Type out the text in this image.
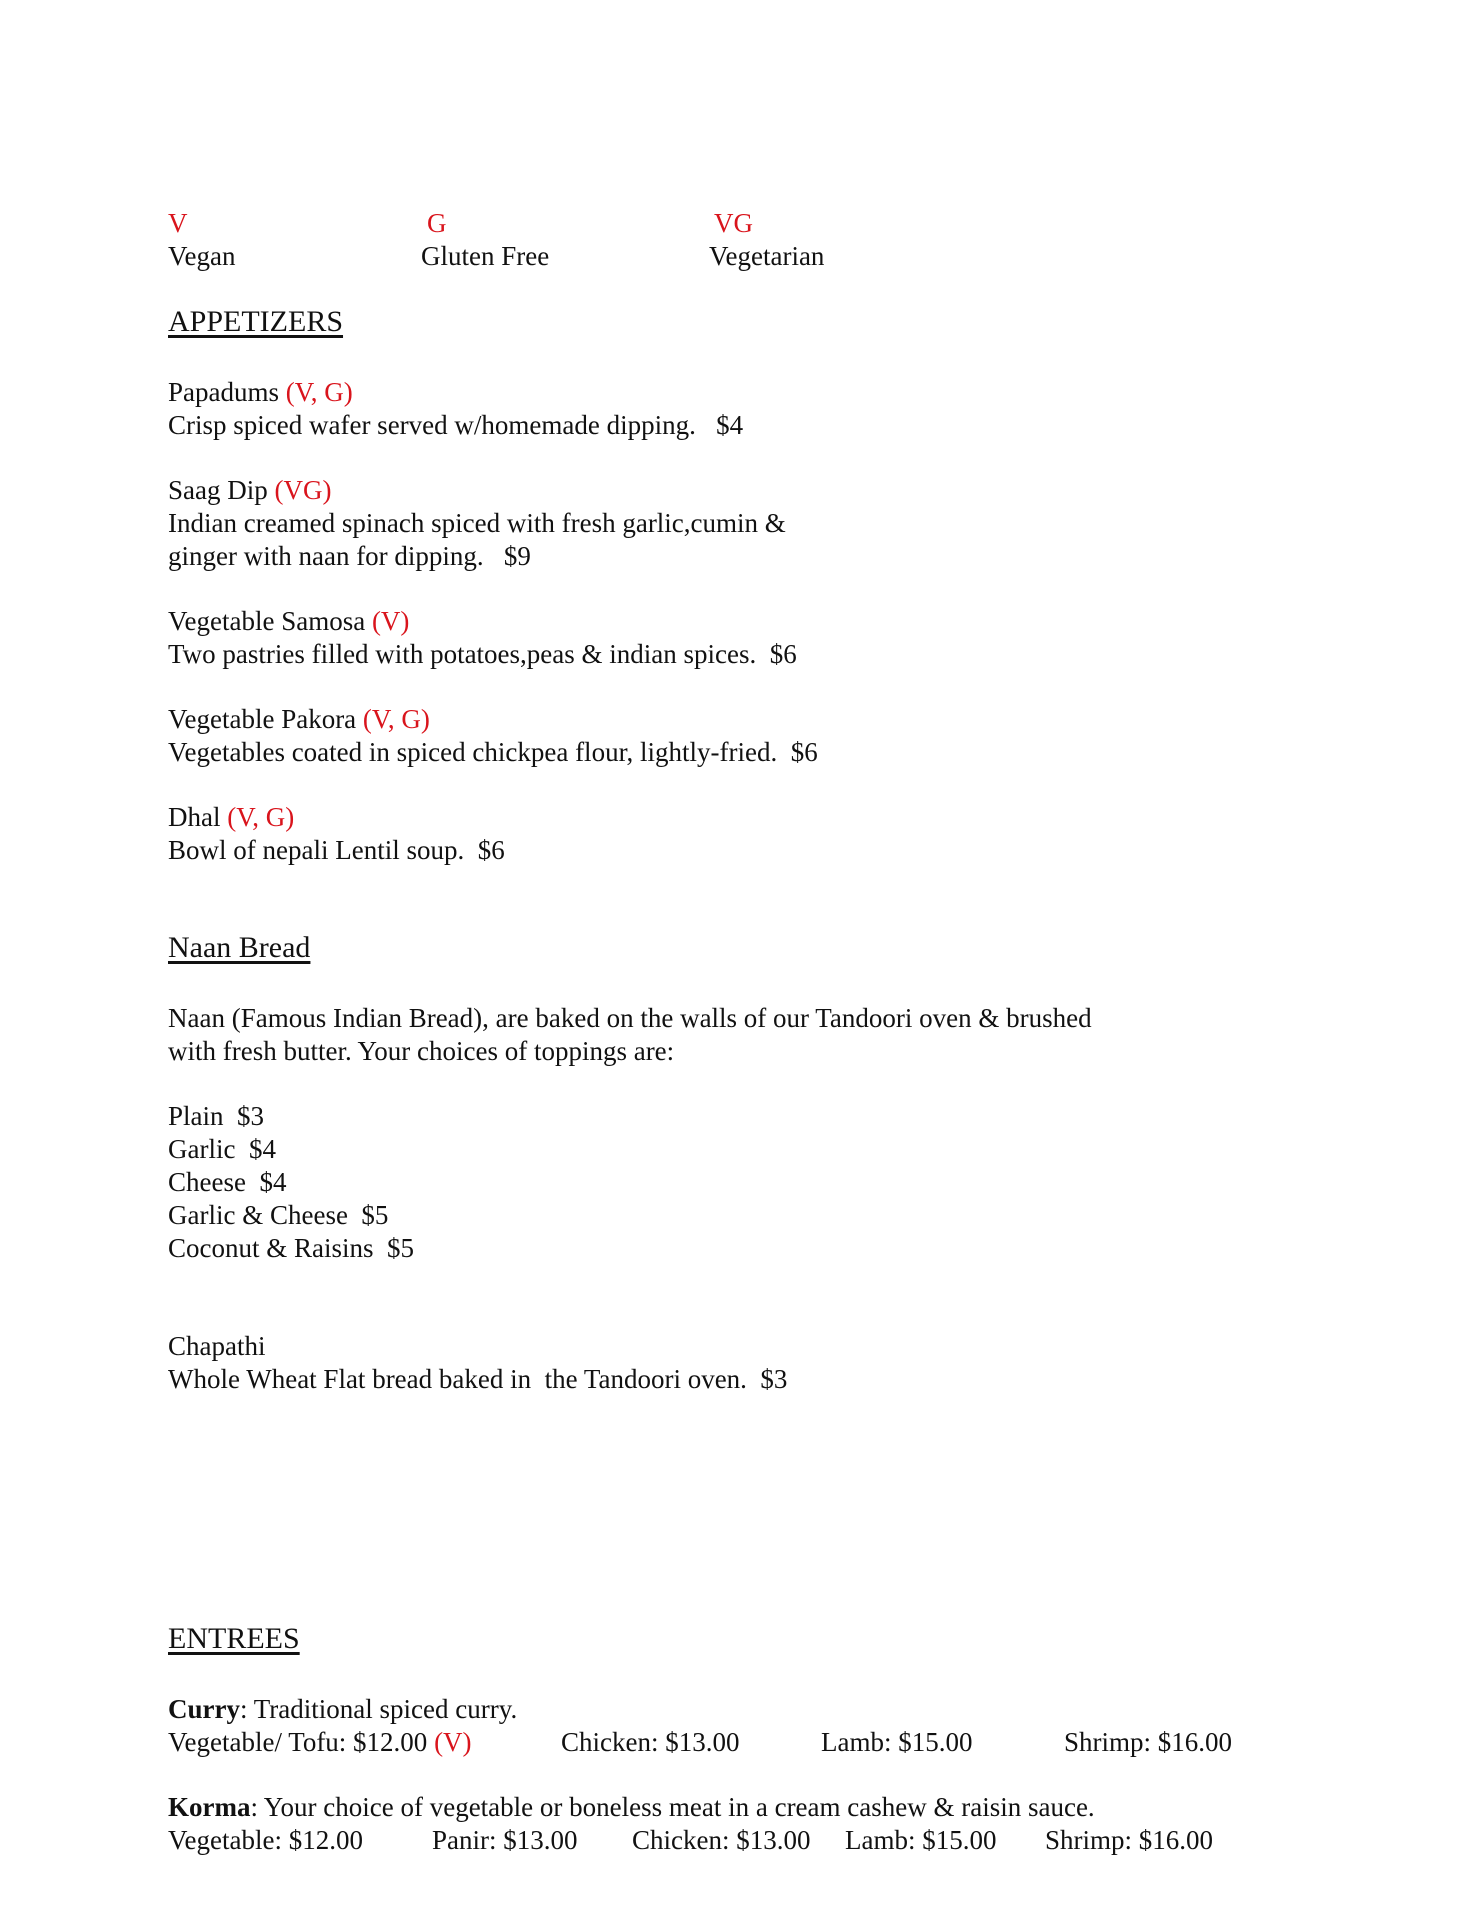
V
Vegan
G
Gluten Free
VG
Vegetarian
APPETIZERS
Papadums (V, G)
Crisp spiced wafer served w/homemade dipping.   $4
Saag Dip (VG)
Indian creamed spinach spiced with fresh garlic,cumin &
ginger with naan for dipping.   $9
Vegetable Samosa (V)
Two pastries filled with potatoes,peas & indian spices.  $6
Vegetable Pakora (V, G)
Vegetables coated in spiced chickpea flour, lightly-fried.  $6
Dhal (V, G)
Bowl of nepali Lentil soup.  $6
Naan Bread
Naan (Famous Indian Bread), are baked on the walls of our Tandoori oven & brushed
with fresh butter. Your choices of toppings are:
Plain  $3
Garlic  $4
Cheese  $4
Garlic & Cheese  $5
Coconut & Raisins  $5
Chapathi
Whole Wheat Flat bread baked in  the Tandoori oven.  $3
ENTREES
Curry: Traditional spiced curry.
Vegetable/ Tofu: $12.00 (V)	Chicken: $13.00	Lamb: $15.00	Shrimp: $16.00
Korma: Your choice of vegetable or boneless meat in a cream cashew & raisin sauce.
Vegetable: $12.00	Panir: $13.00 Chicken: $13.00 Lamb: $15.00 Shrimp: $16.00
